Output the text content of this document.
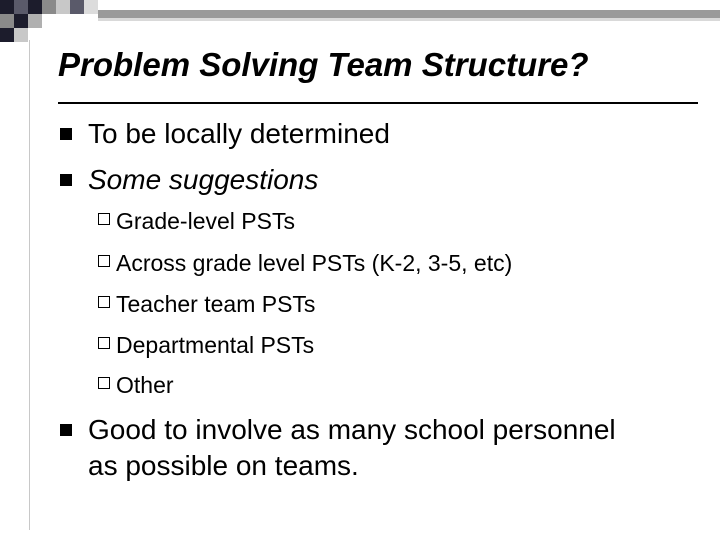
Problem Solving Team Structure?
To be locally determined
Some suggestions
Grade-level PSTs
Across grade level PSTs (K-2, 3-5, etc)
Teacher team PSTs
Departmental PSTs
Other
Good to involve as many school personnel
as possible on teams.
